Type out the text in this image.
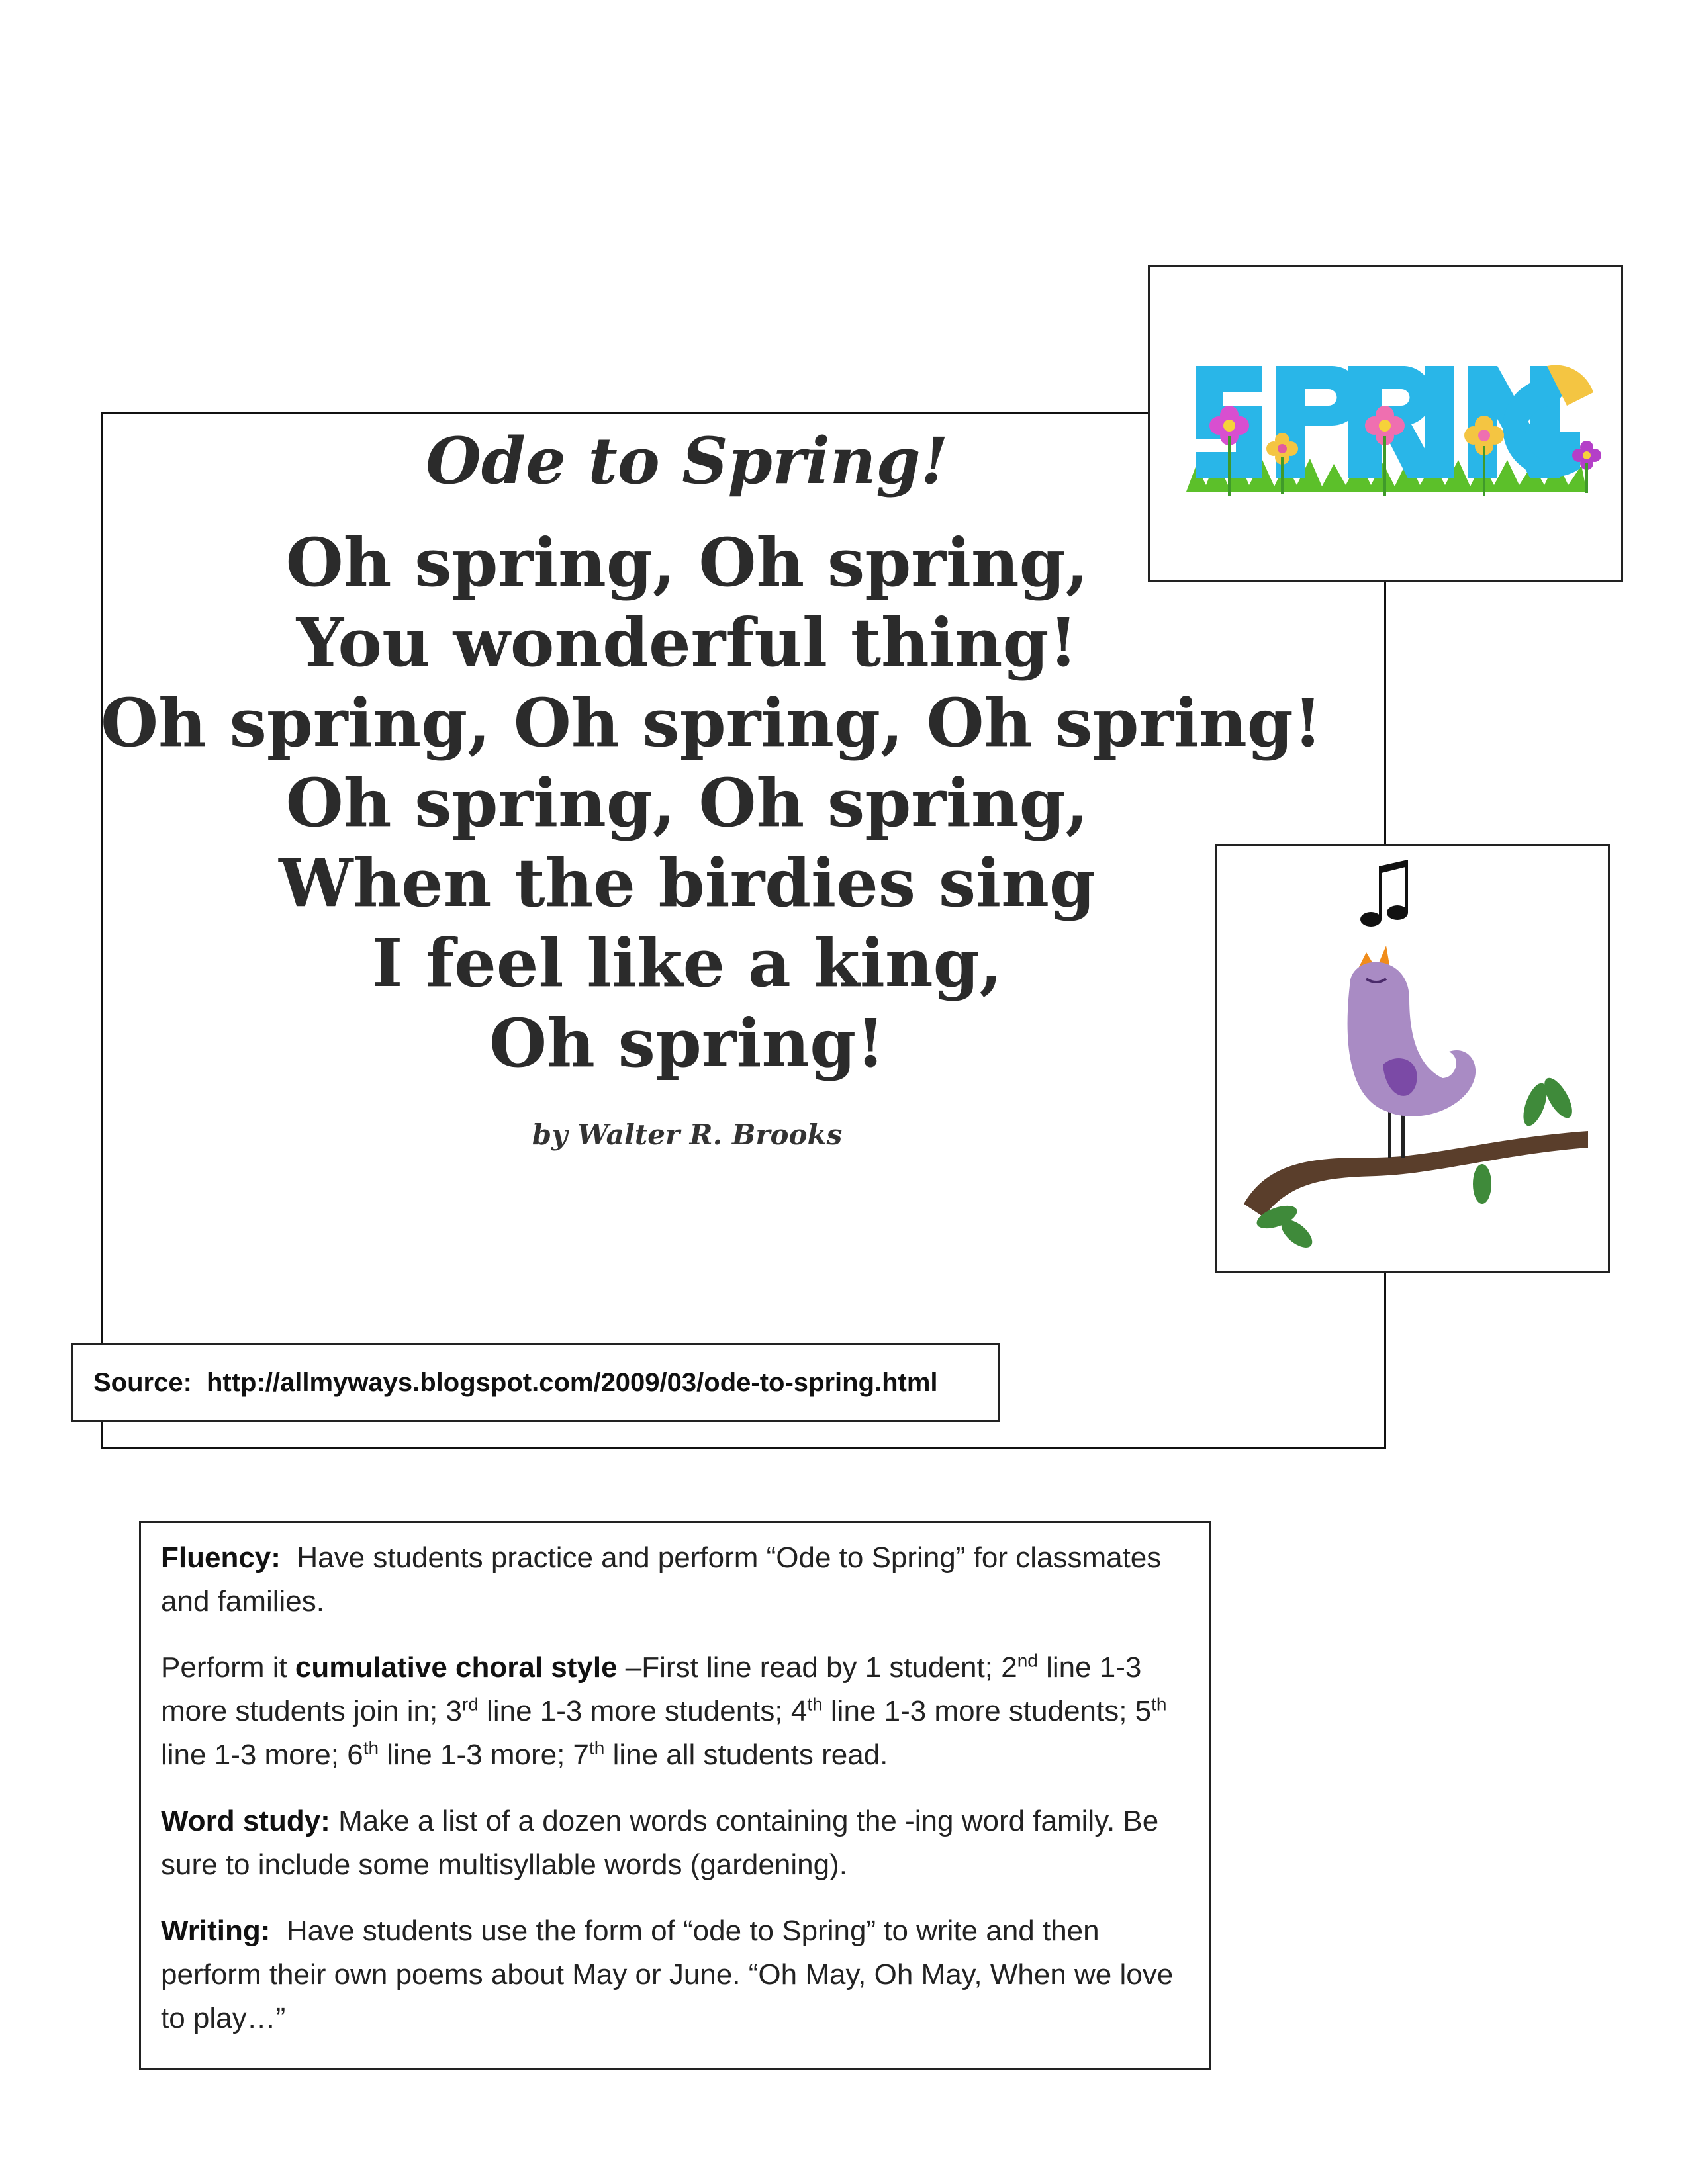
Ode to Spring!
Oh spring, Oh spring,
You wonderful thing!
Oh spring, Oh spring, Oh spring!
Oh spring, Oh spring,
When the birdies sing
I feel like a king,
Oh spring!
by Walter R. Brooks
Source: http://allmyways.blogspot.com/2009/03/ode-to-spring.html

Fluency: Have students practice and perform “Ode to Spring” for classmates and families.

Perform it cumulative choral style –First line read by 1 student; 2nd line 1-3 more students join in; 3rd line 1-3 more students; 4th line 1-3 more students; 5th line 1-3 more; 6th line 1-3 more; 7th line all students read.

Word study: Make a list of a dozen words containing the -ing word family. Be sure to include some multisyllable words (gardening).

Writing: Have students use the form of “ode to Spring” to write and then perform their own poems about May or June. “Oh May, Oh May, When we love to play…”
